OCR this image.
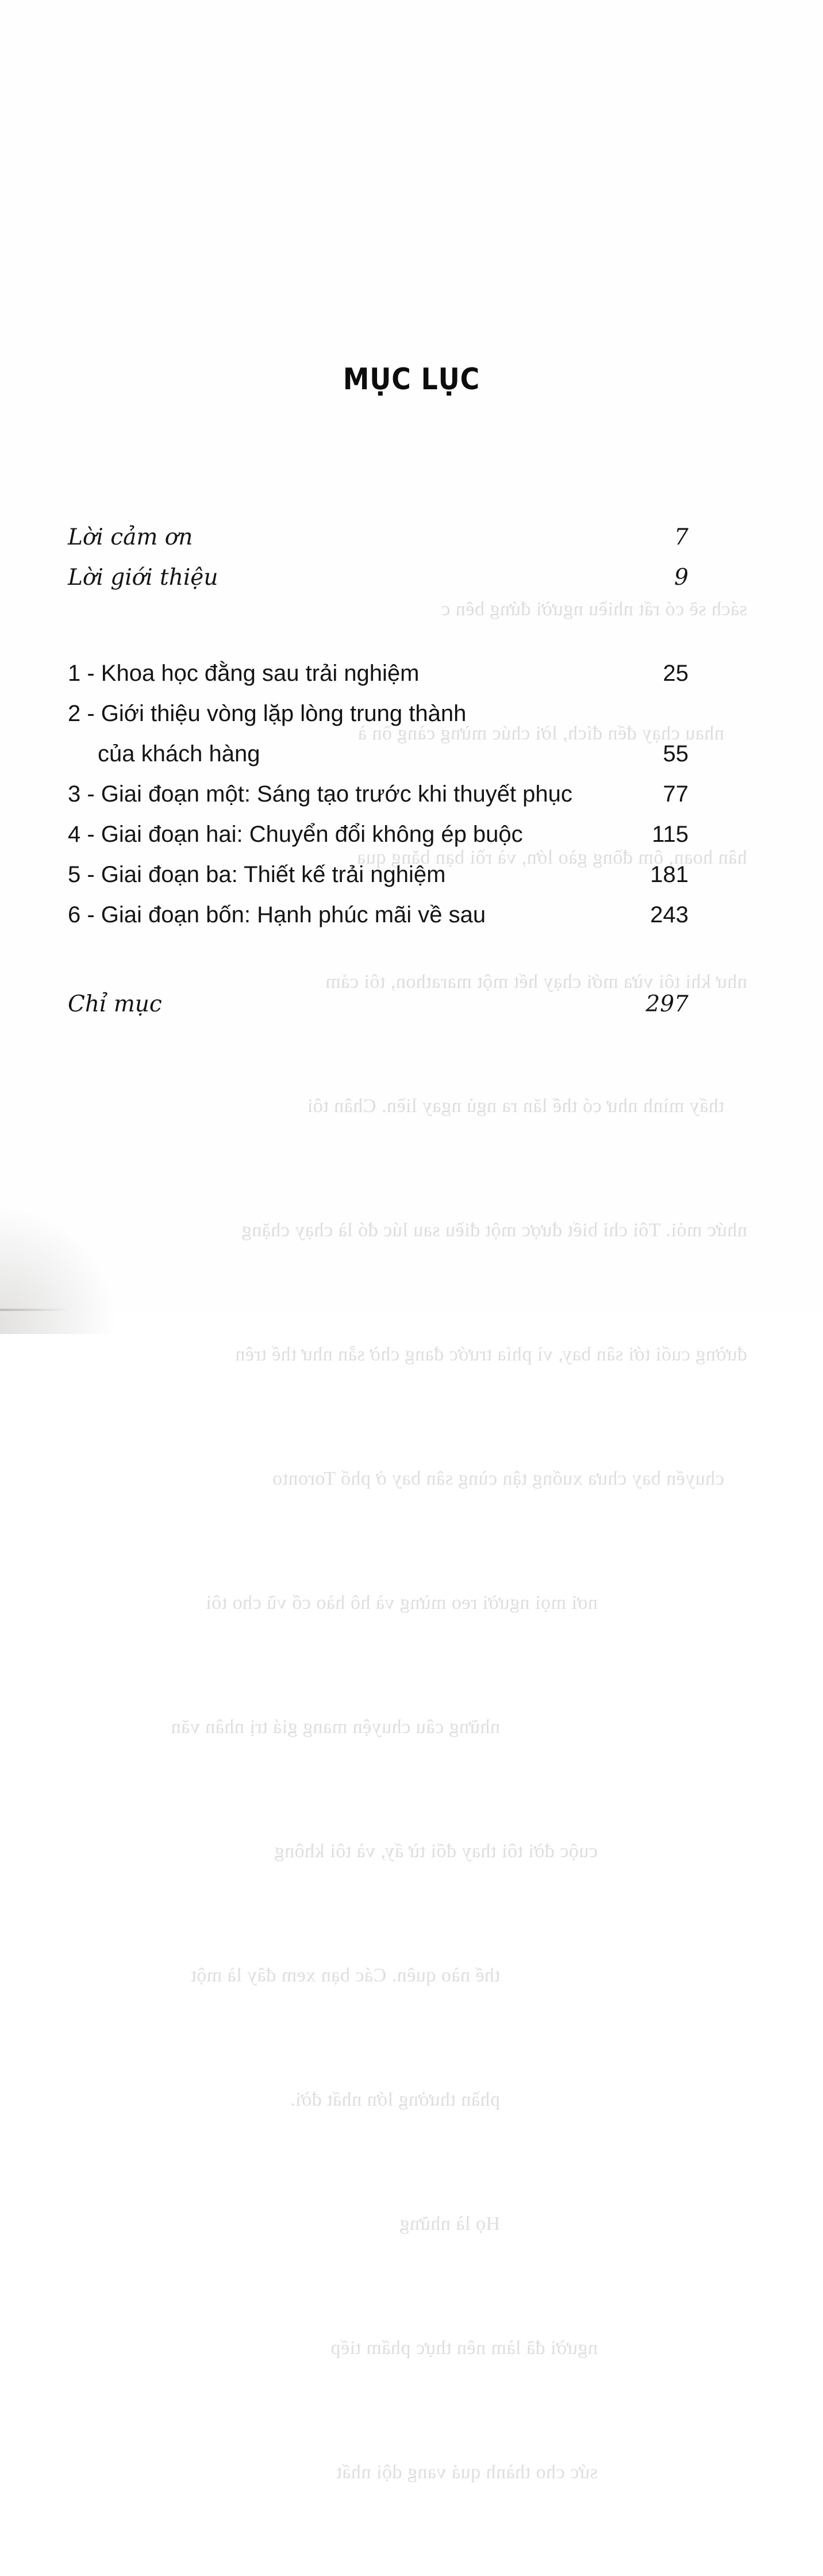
sách sẽ có rất nhiều người đứng bên c

nhau chạy đến đích, lời chúc mừng càng ồn à

hân hoan, ôm đồng gào lớn, và rồi bạn băng qua

như khi tôi vừa mới chạy hết một marathon, tôi cảm

thấy mình như có thể lăn ra ngủ ngay liền. Chân tôi

nhức mỏi. Tôi chỉ biết được một điều sau lúc đó là chạy chặng

đường cuối tới sân bay, vì phía trước đang chờ sẵn như thế trên

chuyến bay chưa xuống tận cùng sân bay ở phố Toronto

nơi mọi người reo mừng và hô hào cổ vũ cho tôi

những câu chuyện mang giá trị nhân văn

cuộc đời tôi thay đổi từ ấy, và tôi không

thể nào quên. Các bạn xem đây là một

phần thưởng lớn nhất đời.

Họ là những

người đã làm nên thực phẩm tiếp

sức cho thành quả vang dội nhất

MỤC LỤC
Lời cảm ơn
.....	7
Lời giới thiệu
.....	9
1 - Khoa học đằng sau trải nghiệm
.....	25
2 - Giới thiệu vòng lặp lòng trung thành
của khách hàng
.....	55
3 - Giai đoạn một: Sáng tạo trước khi thuyết phục
.....	77
4 - Giai đoạn hai: Chuyển đổi không ép buộc
.....	115
5 - Giai đoạn ba: Thiết kế trải nghiệm
.....	181
6 - Giai đoạn bốn: Hạnh phúc mãi về sau
.....	243
Chỉ mục
.....	297
